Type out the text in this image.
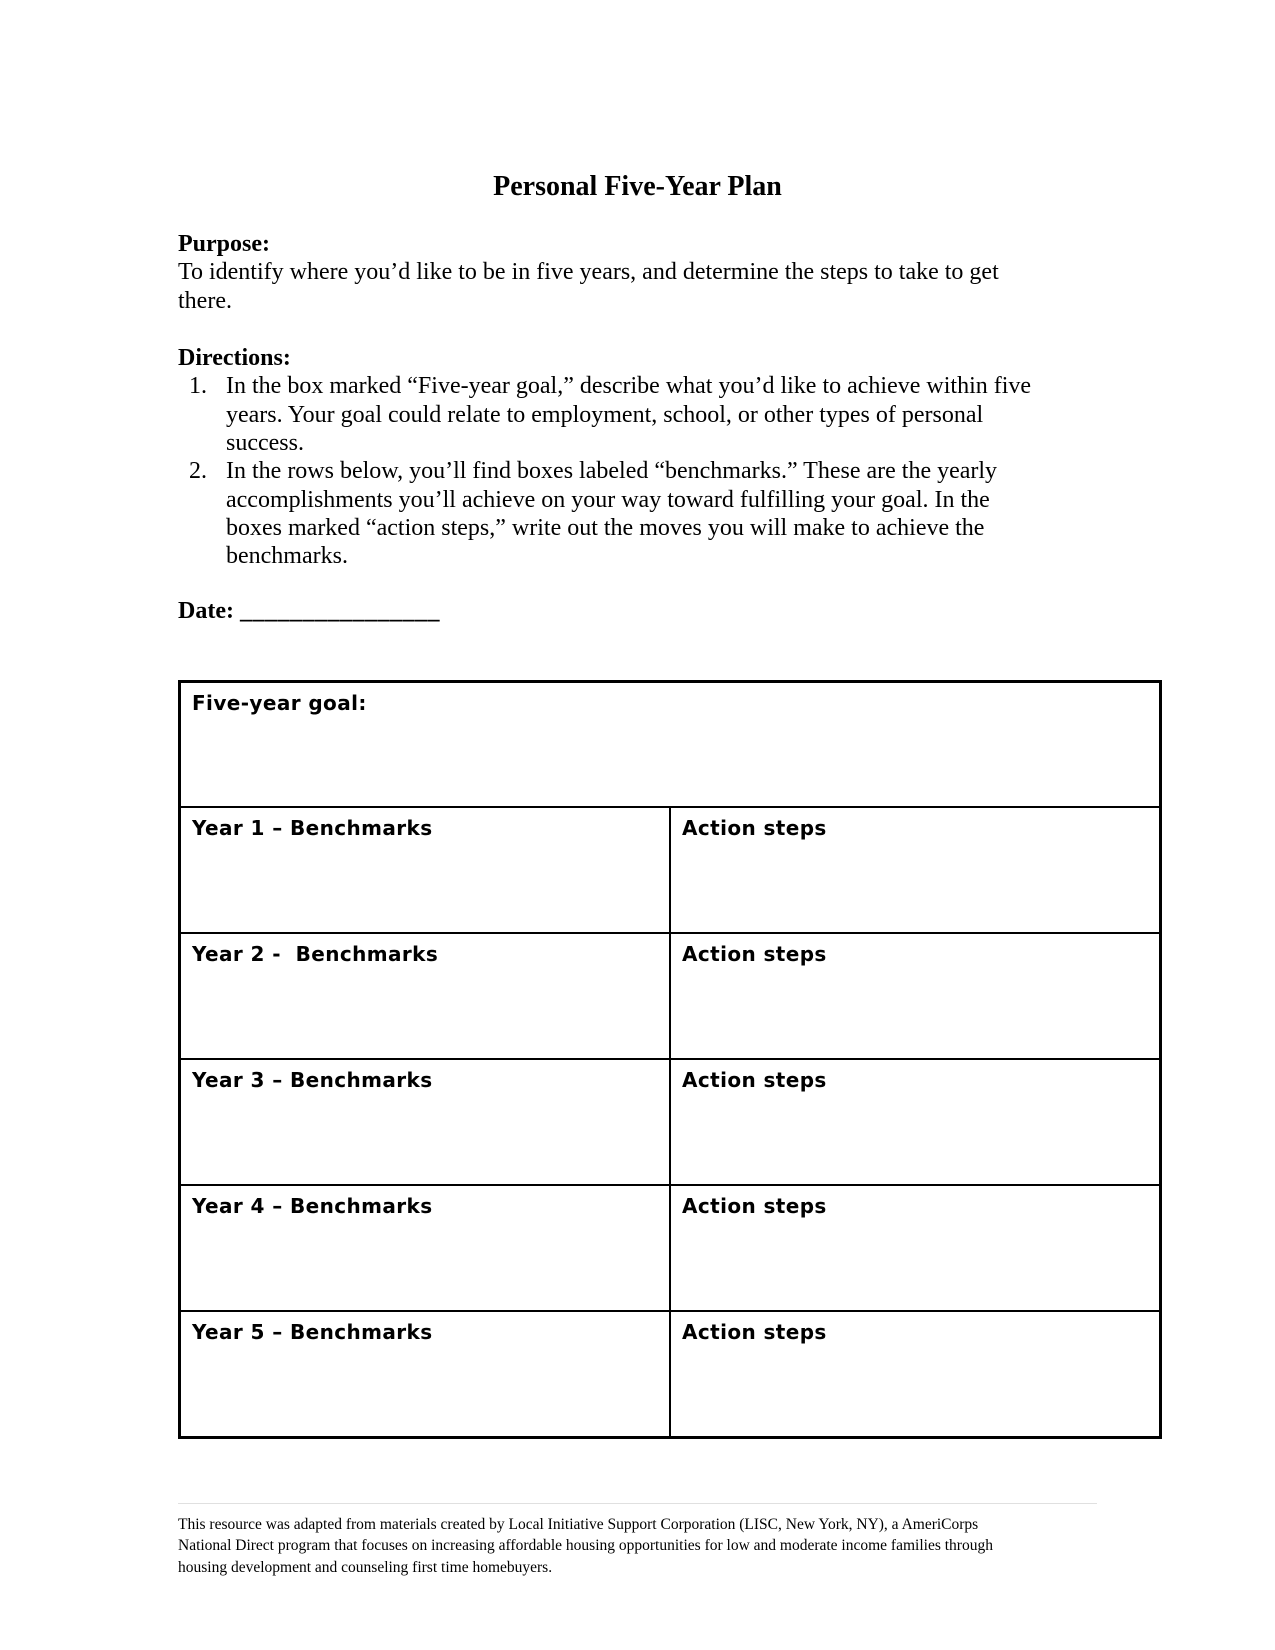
Personal Five-Year Plan

Purpose:

To identify where you’d like to be in five years, and determine the steps to take to get there.

Directions:

1. In the box marked “Five-year goal,” describe what you’d like to achieve within five years. Your goal could relate to employment, school, or other types of personal success.
2. In the rows below, you’ll find boxes labeled “benchmarks.” These are the yearly accomplishments you’ll achieve on your way toward fulfilling your goal. In the boxes marked “action steps,” write out the moves you will make to achieve the benchmarks.

Date: ________________

Five-year goal:	
Year 1 – Benchmarks	Action steps
Year 2 -  Benchmarks	Action steps
Year 3 – Benchmarks	Action steps
Year 4 – Benchmarks	Action steps
Year 5 – Benchmarks	Action steps
This resource was adapted from materials created by Local Initiative Support Corporation (LISC, New York, NY), a AmeriCorps National Direct program that focuses on increasing affordable housing opportunities for low and moderate income families through housing development and counseling first time homebuyers.
